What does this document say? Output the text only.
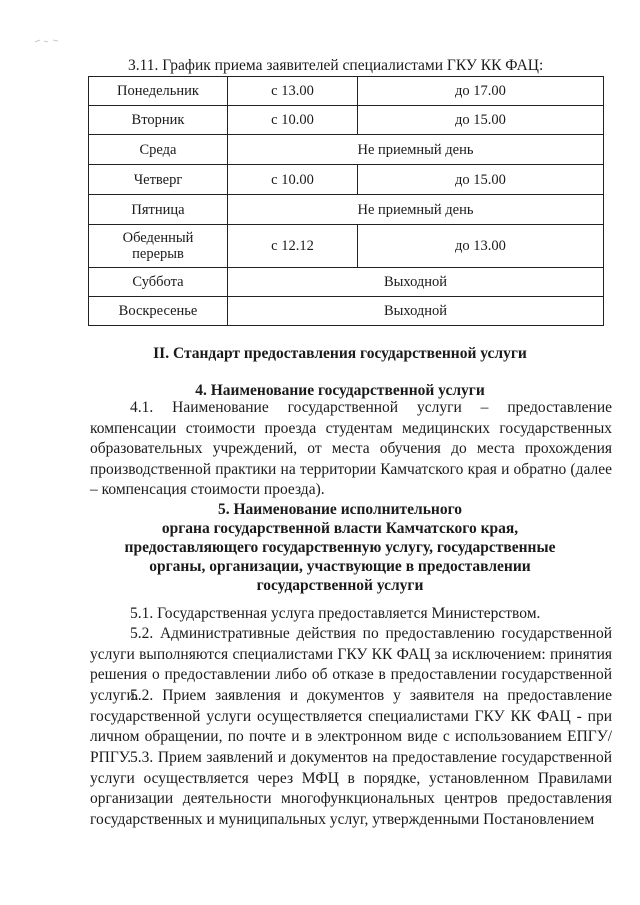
3.11. График приема заявителей специалистами ГКУ КК ФАЦ:
Понедельник	с 13.00	до 17.00
Вторник	с 10.00	до 15.00
Среда	Не приемный день	
Четверг	с 10.00	до 15.00
Пятница	Не приемный день	

Обеденный
перерыв	с 12.12	до 13.00
Суббота	Выходной	
Воскресенье	Выходной	
II. Стандарт предоставления государственной услуги
4. Наименование государственной услуги
4.1. Наименование государственной услуги – предоставление компенсации стоимости проезда студентам медицинских государственных образовательных учреждений, от места обучения до места прохождения производственной практики на территории Камчатского края и обратно (далее – компенсация стоимости проезда).
5. Наименование исполнительного
органа государственной власти Камчатского края,
предоставляющего государственную услугу, государственные
органы, организации, участвующие в предоставлении
государственной услуги
5.1. Государственная услуга предоставляется Министерством.
5.2. Административные действия по предоставлению государственной услуги выполняются специалистами ГКУ КК ФАЦ за исключением: принятия решения о предоставлении либо об отказе в предоставлении государственной услуги.
5.2. Прием заявления и документов у заявителя на предоставление государственной услуги осуществляется специалистами ГКУ КК ФАЦ - при личном обращении, по почте и в электронном виде с использованием ЕПГУ/РПГУ.
5.3. Прием заявлений и документов на предоставление государственной услуги осуществляется через МФЦ в порядке, установленном Правилами организации деятельности многофункциональных центров предоставления государственных и муниципальных услуг, утвержденными Постановлением
